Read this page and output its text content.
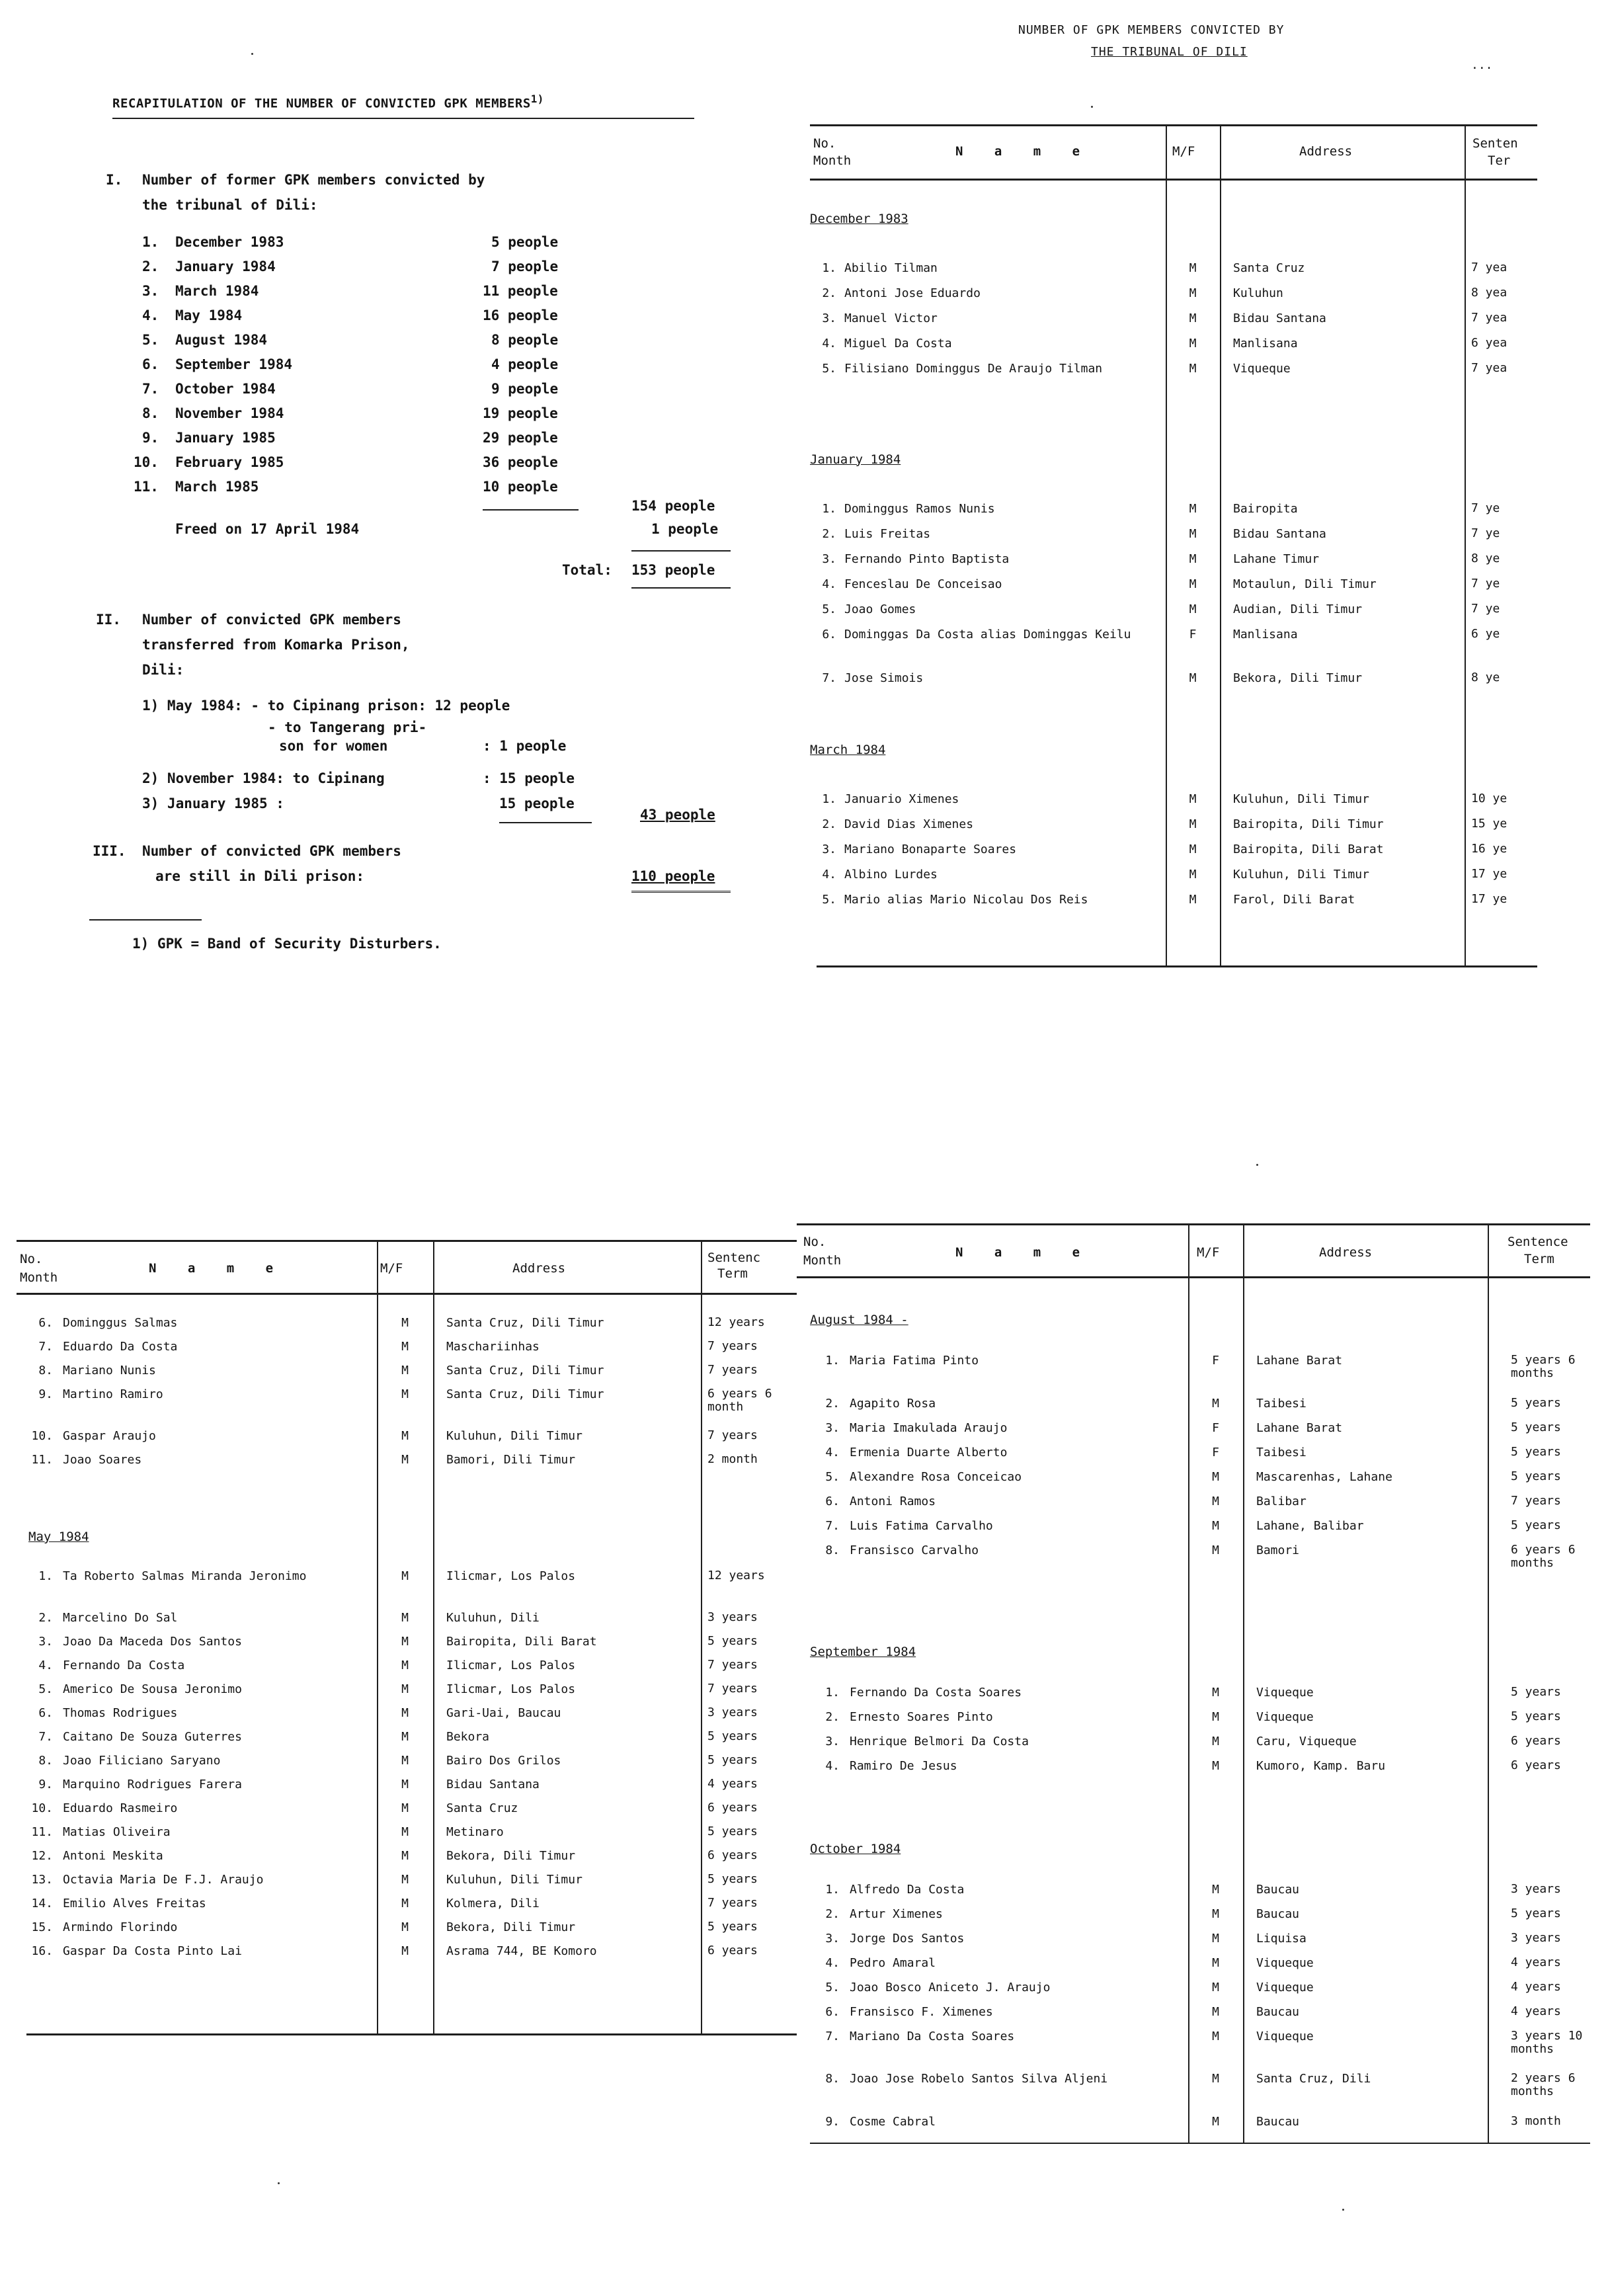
RECAPITULATION OF THE NUMBER OF CONVICTED GPK MEMBERS$^{1)}$
I. Number of former GPK members convicted by
the tribunal of Dili:
1. December 1983	5 people
2. January 1984	7 people
3. March 1984	11 people
4. May 1984	16 people
5. August 1984	8 people
6. September 1984	4 people
7. October 1984	9 people
8. November 1984	19 people
9. January 1985	29 people
10. February 1985	36 people
11. March 1985	10 people
154 people
Freed on 17 April 1984	1 people
Total: 153 people
II. Number of convicted GPK members
transferred from Komarka Prison,
Dili:
1) May 1984: - to Cipinang prison: 12 people
- to Tangerang pri-
son for women	: 1 people
2) November 1984: to Cipinang	: 15 people
3) January 1985 :	15 people
43 people
III. Number of convicted GPK members
are still in Dili prison:	110 people
1) GPK = Band of Security Disturbers.
NUMBER OF GPK MEMBERS CONVICTED BY
THE TRIBUNAL OF DILI
...
No.
Month
N a m e	M/F	Address
Senten
Ter
December 1983
1. Abilio Tilman	M	Santa Cruz	7 yea
2. Antoni Jose Eduardo	M	Kuluhun	8 yea
3. Manuel Victor	M	Bidau Santana	7 yea
4. Miguel Da Costa	M	Manlisana	6 yea
5. Filisiano Dominggus De Araujo Tilman	M	Viqueque	7 yea
January 1984
1. Dominggus Ramos Nunis	M	Bairopita	7 ye
2. Luis Freitas	M	Bidau Santana	7 ye
3. Fernando Pinto Baptista	M	Lahane Timur	8 ye
4. Fenceslau De Conceisao	M	Motaulun, Dili Timur	7 ye
5. Joao Gomes	M	Audian, Dili Timur	7 ye
6. Dominggas Da Costa alias Dominggas Keilu	F	Manlisana	6 ye
7. Jose Simois	M	Bekora, Dili Timur	8 ye
March 1984
1. Januario Ximenes	M	Kuluhun, Dili Timur	10 ye
2. David Dias Ximenes	M	Bairopita, Dili Timur	15 ye
3. Mariano Bonaparte Soares	M	Bairopita, Dili Barat	16 ye
4. Albino Lurdes	M	Kuluhun, Dili Timur	17 ye
5. Mario alias Mario Nicolau Dos Reis	M	Farol, Dili Barat	17 ye
No.
Month
N a m e	M/F	Address
Sentenc
Term
6. Dominggus Salmas	M	Santa Cruz, Dili Timur	12 years
7. Eduardo Da Costa	M	Maschariinhas	7 years
8. Mariano Nunis	M	Santa Cruz, Dili Timur	7 years
9. Martino Ramiro	M	Santa Cruz, Dili Timur	6 years 6 month
10. Gaspar Araujo	M	Kuluhun, Dili Timur	7 years
11. Joao Soares	M	Bamori, Dili Timur	2 month
May 1984
1. Ta Roberto Salmas Miranda Jeronimo	M	Ilicmar, Los Palos	12 years
2. Marcelino Do Sal	M	Kuluhun, Dili	3 years
3. Joao Da Maceda Dos Santos	M	Bairopita, Dili Barat	5 years
4. Fernando Da Costa	M	Ilicmar, Los Palos	7 years
5. Americo De Sousa Jeronimo	M	Ilicmar, Los Palos	7 years
6. Thomas Rodrigues	M	Gari-Uai, Baucau	3 years
7. Caitano De Souza Guterres	M	Bekora	5 years
8. Joao Filiciano Saryano	M	Bairo Dos Grilos	5 years
9. Marquino Rodrigues Farera	M	Bidau Santana	4 years
10. Eduardo Rasmeiro	M	Santa Cruz	6 years
11. Matias Oliveira	M	Metinaro	5 years
12. Antoni Meskita	M	Bekora, Dili Timur	6 years
13. Octavia Maria De F.J. Araujo	M	Kuluhun, Dili Timur	5 years
14. Emilio Alves Freitas	M	Kolmera, Dili	7 years
15. Armindo Florindo	M	Bekora, Dili Timur	5 years
16. Gaspar Da Costa Pinto Lai	M	Asrama 744, BE Komoro	6 years
No.
Month
N a m e	M/F	Address
Sentence
Term
August 1984 -
1. Maria Fatima Pinto	F	Lahane Barat	5 years 6 months
2. Agapito Rosa	M	Taibesi	5 years
3. Maria Imakulada Araujo	F	Lahane Barat	5 years
4. Ermenia Duarte Alberto	F	Taibesi	5 years
5. Alexandre Rosa Conceicao	M	Mascarenhas, Lahane	5 years
6. Antoni Ramos	M	Balibar	7 years
7. Luis Fatima Carvalho	M	Lahane, Balibar	5 years
8. Fransisco Carvalho	M	Bamori	6 years 6 months
September 1984
1. Fernando Da Costa Soares	M	Viqueque	5 years
2. Ernesto Soares Pinto	M	Viqueque	5 years
3. Henrique Belmori Da Costa	M	Caru, Viqueque	6 years
4. Ramiro De Jesus	M	Kumoro, Kamp. Baru	6 years
October 1984
1. Alfredo Da Costa	M	Baucau	3 years
2. Artur Ximenes	M	Baucau	5 years
3. Jorge Dos Santos	M	Liquisa	3 years
4. Pedro Amaral	M	Viqueque	4 years
5. Joao Bosco Aniceto J. Araujo	M	Viqueque	4 years
6. Fransisco F. Ximenes	M	Baucau	4 years
7. Mariano Da Costa Soares	M	Viqueque	3 years 10 months
8. Joao Jose Robelo Santos Silva Aljeni	M	Santa Cruz, Dili	2 years 6 months
9. Cosme Cabral	M	Baucau	3 month
